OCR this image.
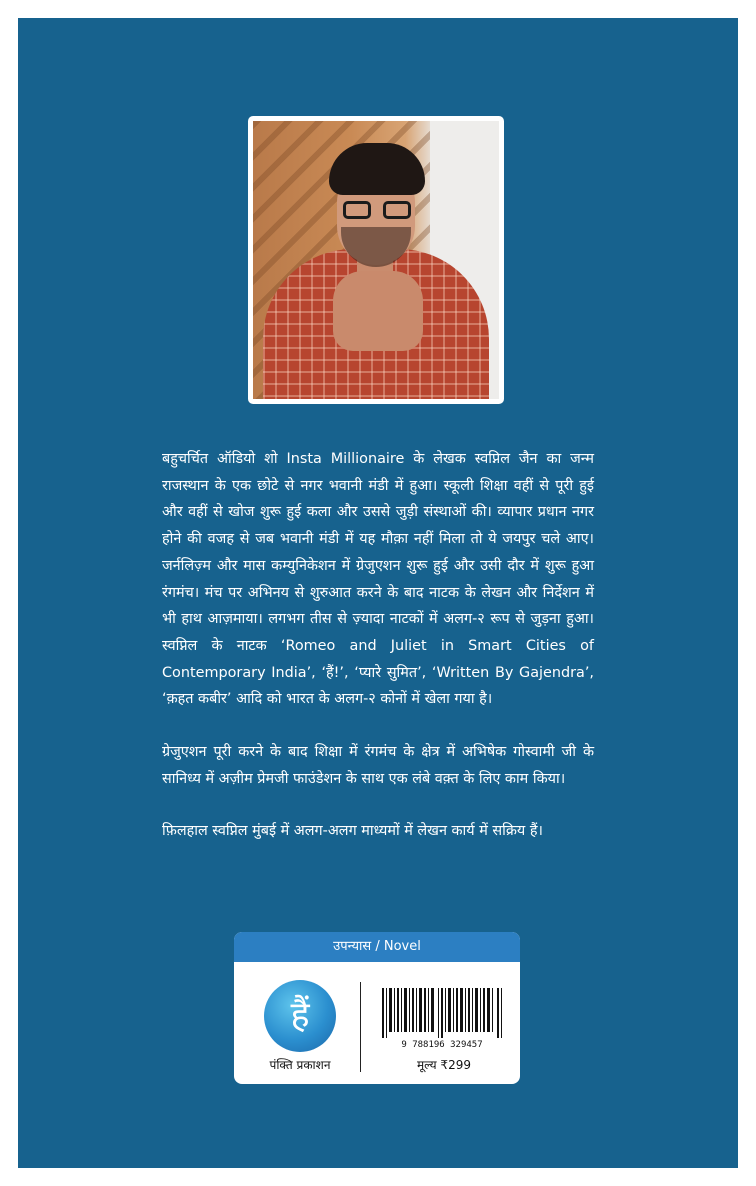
बहुचर्चित ऑडियो शो Insta Millionaire के लेखक स्वप्निल जैन का जन्म राजस्थान के एक छोटे से नगर भवानी मंडी में हुआ। स्कूली शिक्षा वहीं से पूरी हुई और वहीं से खोज शुरू हुई कला और उससे जुड़ी संस्थाओं की। व्यापार प्रधान नगर होने की वजह से जब भवानी मंडी में यह मौक़ा नहीं मिला तो ये जयपुर चले आए। जर्नलिज़्म और मास कम्युनिकेशन में ग्रेजुएशन शुरू हुई और उसी दौर में शुरू हुआ रंगमंच। मंच पर अभिनय से शुरुआत करने के बाद नाटक के लेखन और निर्देशन में भी हाथ आज़माया। लगभग तीस से ज़्यादा नाटकों में अलग-२ रूप से जुड़ना हुआ। स्वप्निल के नाटक ‘Romeo and Juliet in Smart Cities of Contemporary India’, ‘हैं!’, ‘प्यारे सुमित’, ‘Written By Gajendra’, ‘क़हत कबीर’ आदि को भारत के अलग-२ कोनों में खेला गया है।

ग्रेजुएशन पूरी करने के बाद शिक्षा में रंगमंच के क्षेत्र में अभिषेक गोस्वामी जी के सानिध्य में अज़ीम प्रेमजी फाउंडेशन के साथ एक लंबे वक़्त के लिए काम किया।

फ़िलहाल स्वप्निल मुंबई में अलग-अलग माध्यमों में लेखन कार्य में सक्रिय हैं।

उपन्यास / Novel
हैं
पंक्ति प्रकाशन
9 788196 329457
मूल्य ₹299
